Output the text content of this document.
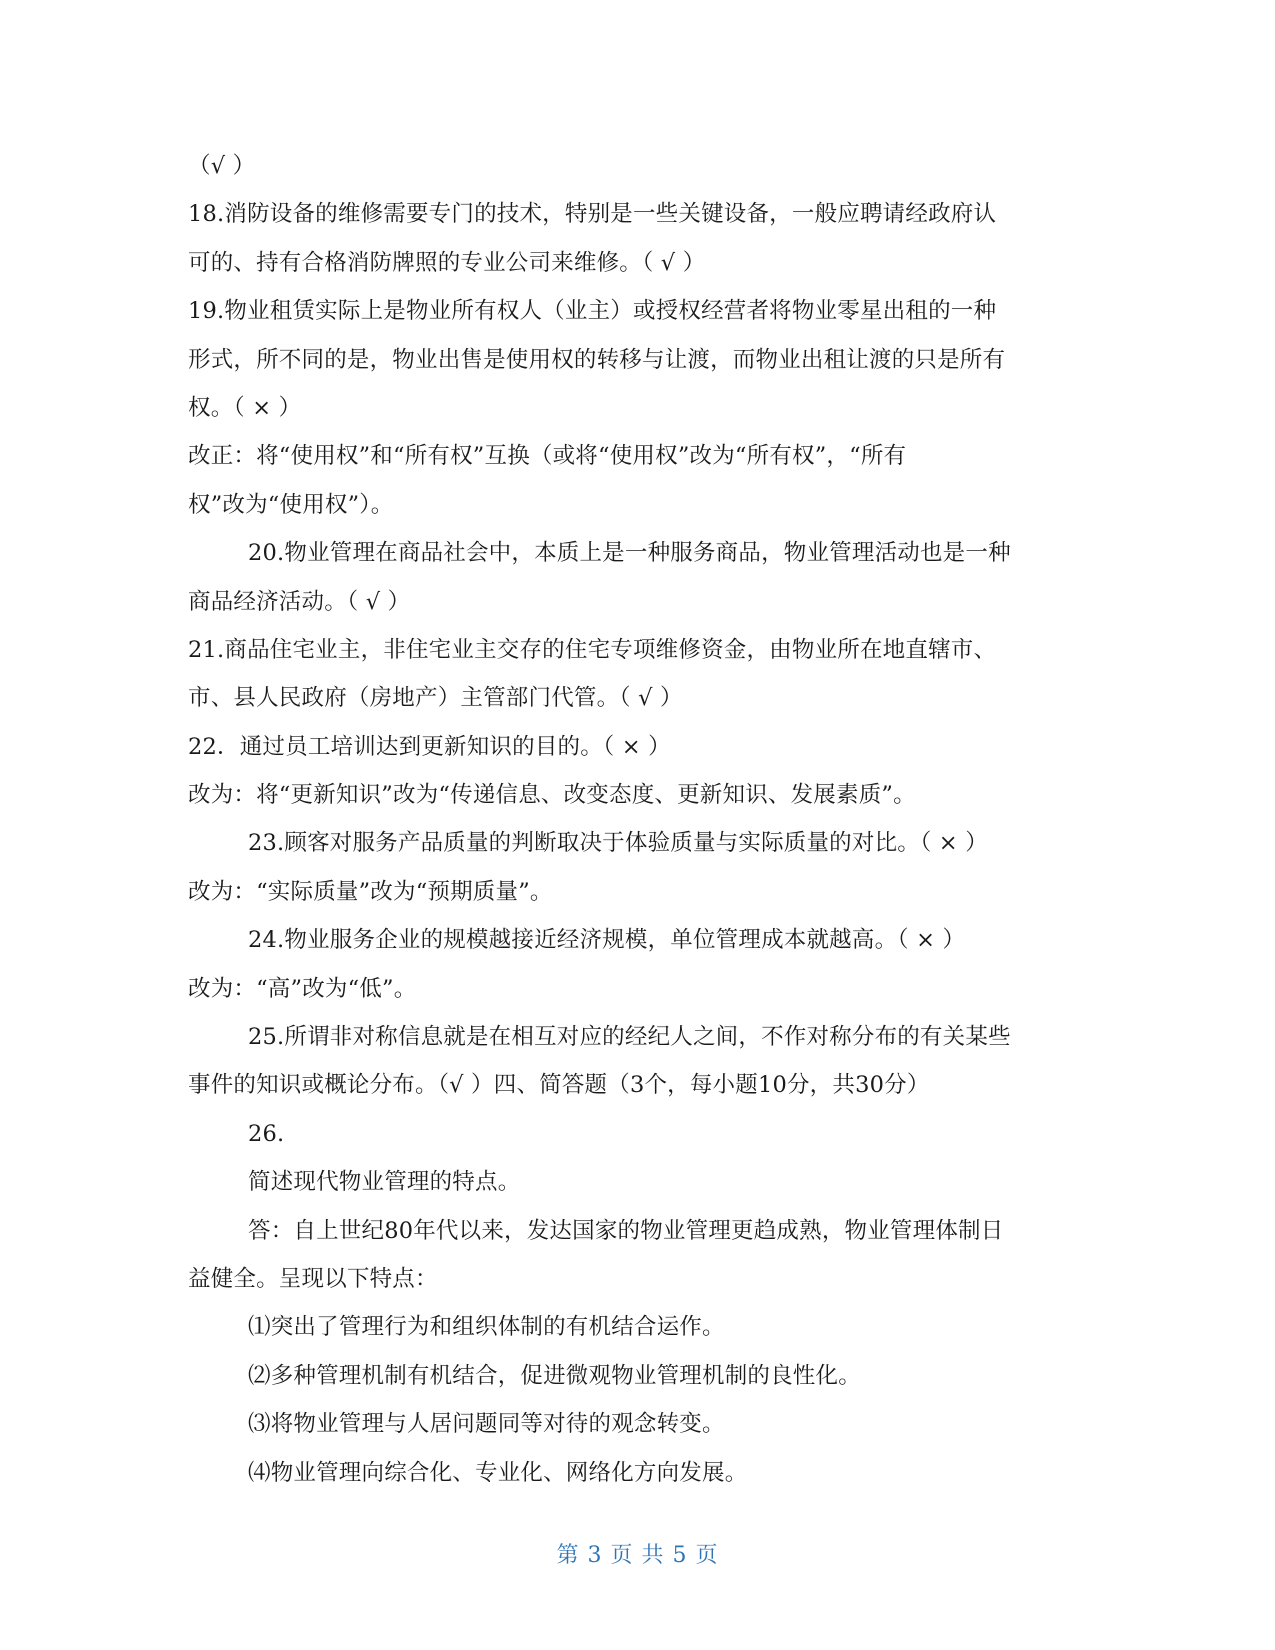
（√ ）
18.消防设备的维修需要专门的技术，特别是一些关键设备，一般应聘请经政府认
可的、持有合格消防牌照的专业公司来维修。（ √ ）
19.物业租赁实际上是物业所有权人（业主）或授权经营者将物业零星出租的一种
形式，所不同的是，物业出售是使用权的转移与让渡，而物业出租让渡的只是所有
权。（ × ）
改正：将“使用权”和“所有权”互换（或将“使用权”改为“所有权”，“所有
权”改为“使用权”）。
20.物业管理在商品社会中，本质上是一种服务商品，物业管理活动也是一种
商品经济活动。（ √ ）
21.商品住宅业主，非住宅业主交存的住宅专项维修资金，由物业所在地直辖市、
市、县人民政府（房地产）主管部门代管。（ √ ）
22．通过员工培训达到更新知识的目的。（ × ）
改为：将“更新知识”改为“传递信息、改变态度、更新知识、发展素质”。
23.顾客对服务产品质量的判断取决于体验质量与实际质量的对比。（ × ）
改为：“实际质量”改为“预期质量”。
24.物业服务企业的规模越接近经济规模，单位管理成本就越高。（ × ）
改为：“高”改为“低”。
25.所谓非对称信息就是在相互对应的经纪人之间，不作对称分布的有关某些
事件的知识或概论分布。（√ ）四、简答题（3个，每小题10分，共30分）
26.
简述现代物业管理的特点。
答：自上世纪80年代以来，发达国家的物业管理更趋成熟，物业管理体制日
益健全。呈现以下特点：
⑴突出了管理行为和组织体制的有机结合运作。
⑵多种管理机制有机结合，促进微观物业管理机制的良性化。
⑶将物业管理与人居问题同等对待的观念转变。
⑷物业管理向综合化、专业化、网络化方向发展。
第 3 页 共 5 页
